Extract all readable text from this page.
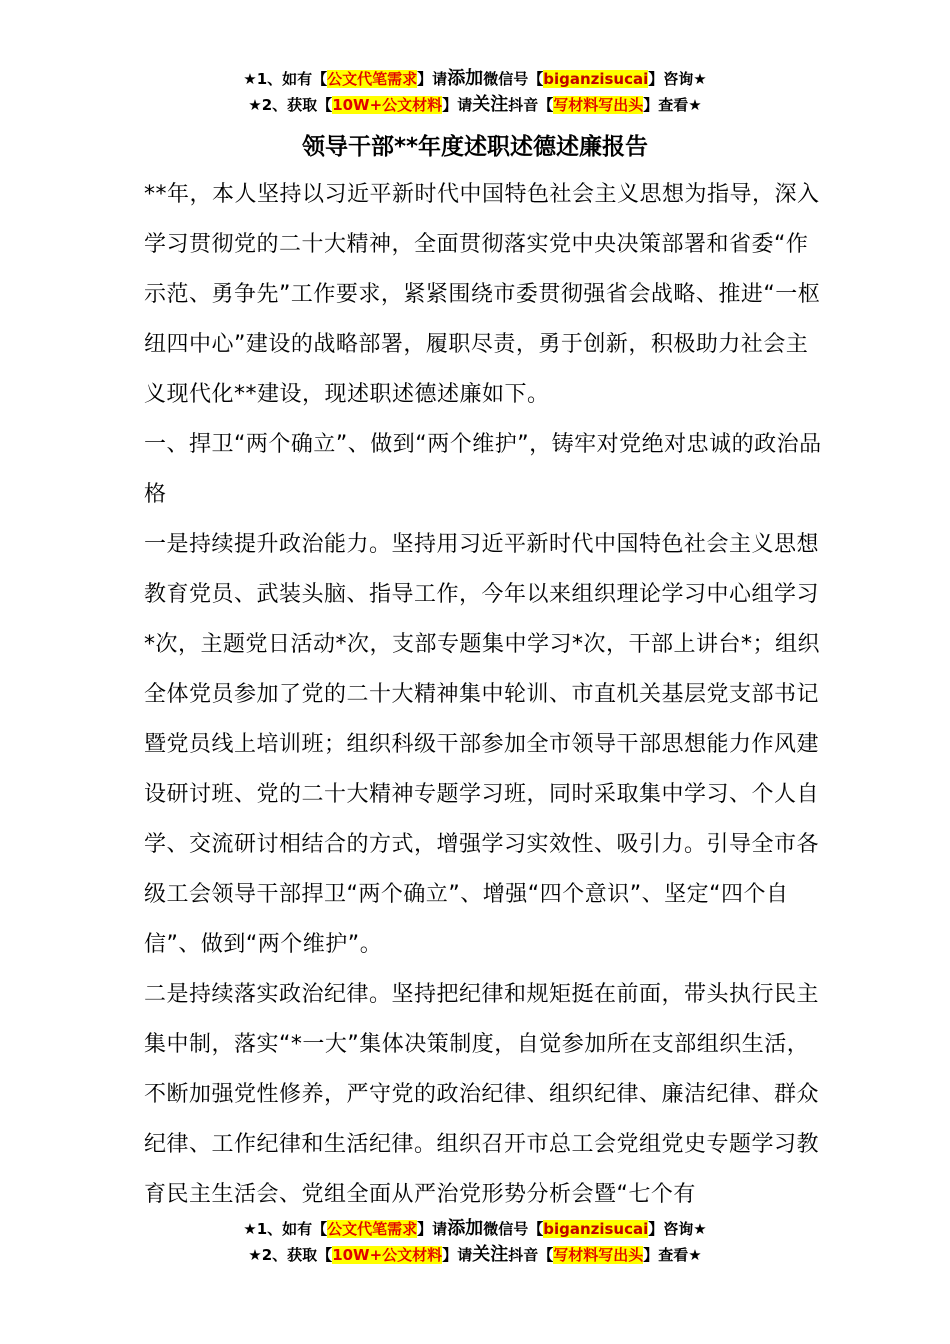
★1、如有【公文代笔需求】请添加微信号【biganzisucai】咨询★
★2、获取【10W+公文材料】请关注抖音【写材料写出头】查看★
领导干部**年度述职述德述廉报告

**年，本人坚持以习近平新时代中国特色社会主义思想为指导，深入学习贯彻党的二十大精神，全面贯彻落实党中央决策部署和省委“作示范、勇争先”工作要求，紧紧围绕市委贯彻强省会战略、推进“一枢纽四中心”建设的战略部署，履职尽责，勇于创新，积极助力社会主义现代化**建设，现述职述德述廉如下。

一、捍卫“两个确立”、做到“两个维护”，铸牢对党绝对忠诚的政治品格

一是持续提升政治能力。坚持用习近平新时代中国特色社会主义思想教育党员、武装头脑、指导工作，今年以来组织理论学习中心组学习*次，主题党日活动*次，支部专题集中学习*次，干部上讲台*；组织全体党员参加了党的二十大精神集中轮训、市直机关基层党支部书记暨党员线上培训班；组织科级干部参加全市领导干部思想能力作风建设研讨班、党的二十大精神专题学习班，同时采取集中学习、个人自学、交流研讨相结合的方式，增强学习实效性、吸引力。引导全市各级工会领导干部捍卫“两个确立”、增强“四个意识”、坚定“四个自信”、做到“两个维护”。

二是持续落实政治纪律。坚持把纪律和规矩挺在前面，带头执行民主集中制，落实“*一大”集体决策制度，自觉参加所在支部组织生活，不断加强党性修养，严守党的政治纪律、组织纪律、廉洁纪律、群众纪律、工作纪律和生活纪律。组织召开市总工会党组党史专题学习教育民主生活会、党组全面从严治党形势分析会暨“七个有

★1、如有【公文代笔需求】请添加微信号【biganzisucai】咨询★
★2、获取【10W+公文材料】请关注抖音【写材料写出头】查看★
